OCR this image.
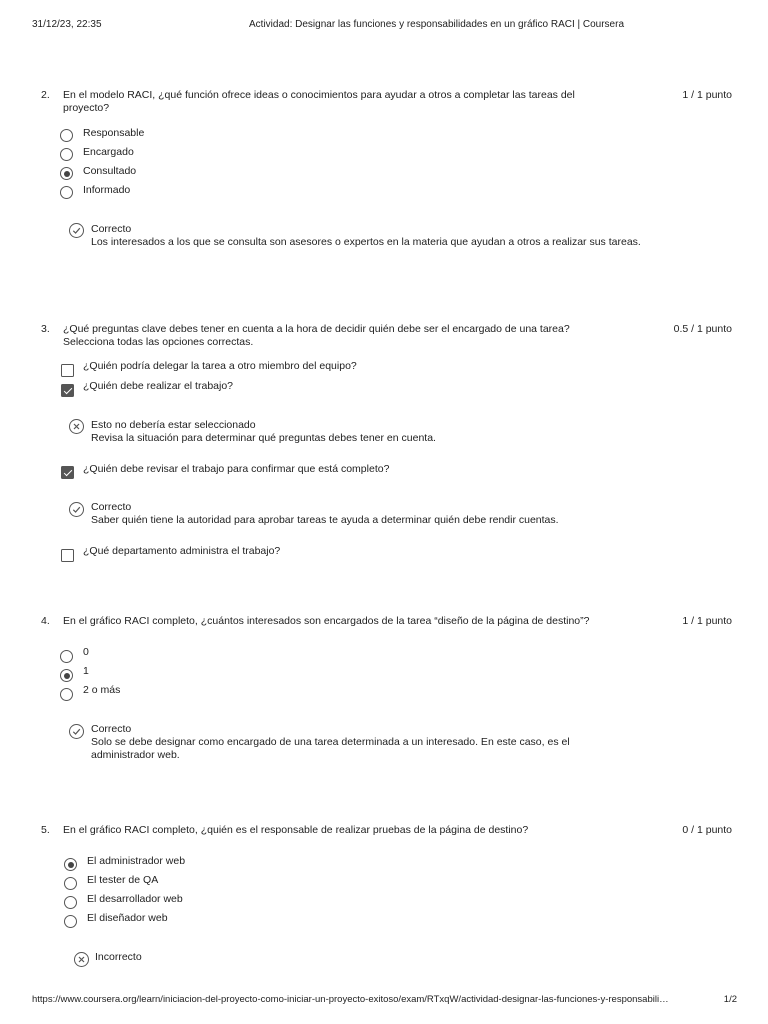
31/12/23, 22:35	Actividad: Designar las funciones y responsabilidades en un gráfico RACI | Coursera
2. En el modelo RACI, ¿qué función ofrece ideas o conocimientos para ayudar a otros a completar las tareas del proyecto?
1 / 1 punto
Responsable
Encargado
Consultado
Informado
Correcto
Los interesados a los que se consulta son asesores o expertos en la materia que ayudan a otros a realizar sus tareas.
3. ¿Qué preguntas clave debes tener en cuenta a la hora de decidir quién debe ser el encargado de una tarea?
Selecciona todas las opciones correctas.
0.5 / 1 punto
¿Quién podría delegar la tarea a otro miembro del equipo?
¿Quién debe realizar el trabajo?
Esto no debería estar seleccionado
Revisa la situación para determinar qué preguntas debes tener en cuenta.
¿Quién debe revisar el trabajo para confirmar que está completo?
Correcto
Saber quién tiene la autoridad para aprobar tareas te ayuda a determinar quién debe rendir cuentas.
¿Qué departamento administra el trabajo?
4. En el gráfico RACI completo, ¿cuántos interesados son encargados de la tarea “diseño de la página de destino”?	1 / 1 punto
0
1
2 o más
Correcto
Solo se debe designar como encargado de una tarea determinada a un interesado. En este caso, es el administrador web.
5. En el gráfico RACI completo, ¿quién es el responsable de realizar pruebas de la página de destino?	0 / 1 punto
El administrador web
El tester de QA
El desarrollador web
El diseñador web
Incorrecto
https://www.coursera.org/learn/iniciacion-del-proyecto-como-iniciar-un-proyecto-exitoso/exam/RTxqW/actividad-designar-las-funciones-y-responsabili…	1/2
